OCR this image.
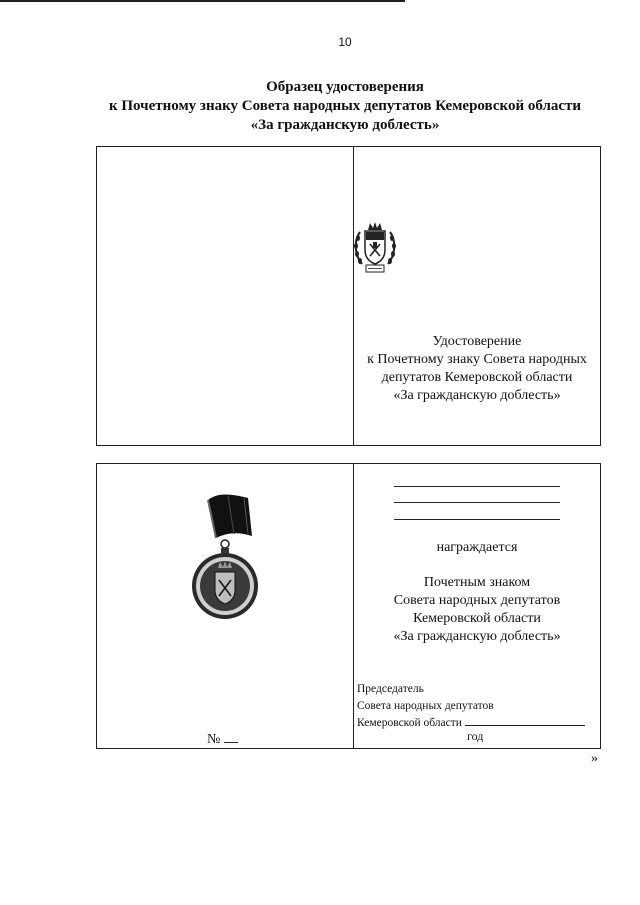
10
Образец удостоверения
к Почетному знаку Совета народных депутатов Кемеровской области
«За гражданскую доблесть»
Удостоверение
к Почетному знаку Совета народных
депутатов Кемеровской области
«За гражданскую доблесть»
№
награждается
Почетным знаком
Совета народных депутатов
Кемеровской области
«За гражданскую доблесть»
Председатель
Совета народных депутатов
Кемеровской области
год
»
